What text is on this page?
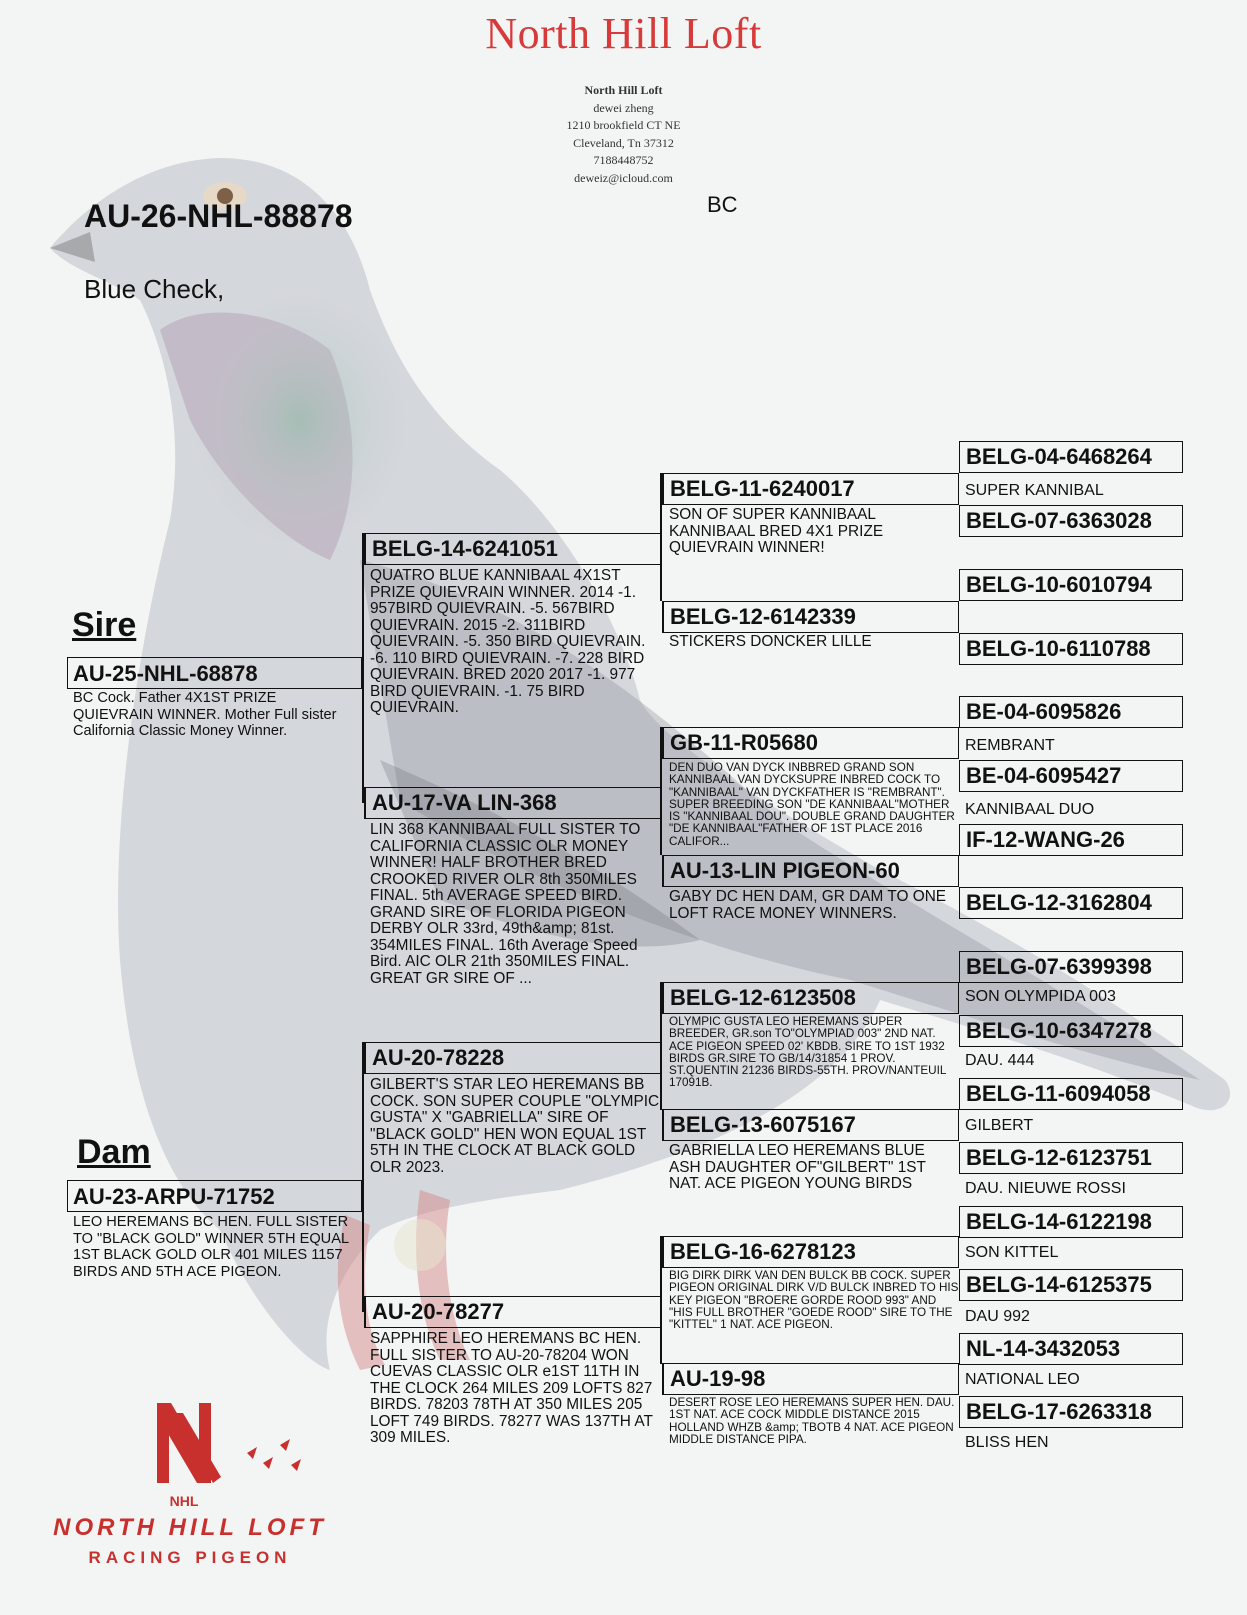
North Hill Loft
North Hill Loft
dewei zheng
1210 brookfield CT NE
Cleveland, Tn 37312
7188448752
deweiz@icloud.com
AU-26-NHL-88878
Blue Check,
BC
Sire
AU-25-NHL-68878
BC Cock. Father 4X1ST PRIZE QUIEVRAIN WINNER. Mother Full sister California Classic Money Winner.
Dam
AU-23-ARPU-71752
LEO HEREMANS BC HEN. FULL SISTER TO "BLACK GOLD" WINNER 5TH EQUAL 1ST BLACK GOLD OLR 401 MILES 1157 BIRDS AND 5TH ACE PIGEON.
BELG-14-6241051
QUATRO BLUE KANNIBAAL 4X1ST PRIZE QUIEVRAIN WINNER. 2014 -1. 957BIRD QUIEVRAIN. -5. 567BIRD QUIEVRAIN. 2015 -2. 311BIRD QUIEVRAIN. -5. 350 BIRD QUIEVRAIN. -6. 110 BIRD QUIEVRAIN. -7. 228 BIRD QUIEVRAIN. BRED 2020 2017 -1. 977 BIRD QUIEVRAIN. -1. 75 BIRD QUIEVRAIN.
AU-17-VA LIN-368
LIN 368 KANNIBAAL FULL SISTER TO CALIFORNIA CLASSIC OLR MONEY WINNER! HALF BROTHER BRED CROOKED RIVER OLR 8th 350MILES FINAL. 5th AVERAGE SPEED BIRD. GRAND SIRE OF FLORIDA PIGEON DERBY OLR 33rd, 49th&amp; 81st. 354MILES FINAL. 16th Average Speed Bird. AIC OLR 21th 350MILES FINAL. GREAT GR SIRE OF ...
AU-20-78228
GILBERT'S STAR LEO HEREMANS BB COCK. SON SUPER COUPLE "OLYMPIC GUSTA" X "GABRIELLA" SIRE OF "BLACK GOLD" HEN WON EQUAL 1ST 5TH IN THE CLOCK AT BLACK GOLD OLR 2023.
AU-20-78277
SAPPHIRE LEO HEREMANS BC HEN. FULL SISTER TO AU-20-78204 WON CUEVAS CLASSIC OLR e1ST 11TH IN THE CLOCK 264 MILES 209 LOFTS 827 BIRDS. 78203 78TH AT 350 MILES 205 LOFT 749 BIRDS. 78277 WAS 137TH AT 309 MILES.
BELG-11-6240017
SON OF SUPER KANNIBAAL KANNIBAAL BRED 4X1 PRIZE QUIEVRAIN WINNER!
BELG-12-6142339
STICKERS DONCKER LILLE
GB-11-R05680
DEN DUO VAN DYCK INBBRED GRAND SON KANNIBAAL VAN DYCKSUPRE INBRED COCK TO "KANNIBAAL" VAN DYCKFATHER IS "REMBRANT". SUPER BREEDING SON "DE KANNIBAAL"MOTHER IS "KANNIBAAL DOU". DOUBLE GRAND DAUGHTER "DE KANNIBAAL"FATHER OF 1ST PLACE 2016 CALIFOR...
AU-13-LIN PIGEON-60
GABY DC HEN DAM, GR DAM TO ONE LOFT RACE MONEY WINNERS.
BELG-12-6123508
OLYMPIC GUSTA LEO HEREMANS SUPER BREEDER, GR.son TO"OLYMPIAD 003" 2ND NAT. ACE PIGEON SPEED 02' KBDB. SIRE TO 1ST 1932 BIRDS GR.SIRE TO GB/14/31854 1 PROV. ST.QUENTIN 21236 BIRDS-55TH. PROV/NANTEUIL 17091B.
BELG-13-6075167
GABRIELLA LEO HEREMANS BLUE ASH DAUGHTER OF"GILBERT" 1ST NAT. ACE PIGEON YOUNG BIRDS
BELG-16-6278123
BIG DIRK DIRK VAN DEN BULCK BB COCK. SUPER PIGEON ORIGINAL DIRK V/D BULCK INBRED TO HIS KEY PIGEON "BROERE GORDE ROOD 993" AND "HIS FULL BROTHER "GOEDE ROOD" SIRE TO THE "KITTEL" 1 NAT. ACE PIGEON.
AU-19-98
DESERT ROSE LEO HEREMANS SUPER HEN. DAU. 1ST NAT. ACE COCK MIDDLE DISTANCE 2015 HOLLAND WHZB &amp; TBOTB 4 NAT. ACE PIGEON MIDDLE DISTANCE PIPA.
BELG-04-6468264
SUPER KANNIBAL
BELG-07-6363028
BELG-10-6010794
BELG-10-6110788
BE-04-6095826
REMBRANT
BE-04-6095427
KANNIBAAL DUO
IF-12-WANG-26
BELG-12-3162804
BELG-07-6399398
SON OLYMPIDA 003
BELG-10-6347278
DAU. 444
BELG-11-6094058
GILBERT
BELG-12-6123751
DAU. NIEUWE ROSSI
BELG-14-6122198
SON KITTEL
BELG-14-6125375
DAU 992
NL-14-3432053
NATIONAL LEO
BELG-17-6263318
BLISS HEN
NHL
NORTH HILL LOFT
RACING PIGEON
